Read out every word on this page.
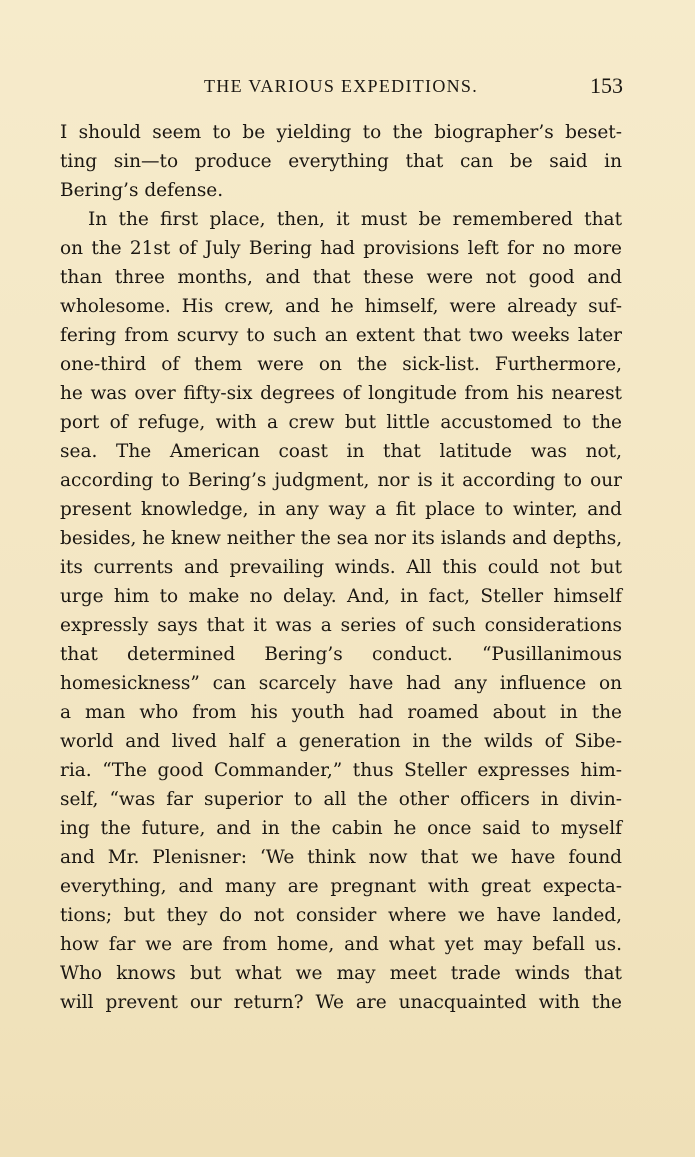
THE VARIOUS EXPEDITIONS.	153
I should seem to be yielding to the biographer’s beset-
ting sin—to produce everything that can be said in
Bering’s defense.
In the first place, then, it must be remembered that
on the 21st of July Bering had provisions left for no more
than three months, and that these were not good and
wholesome. His crew, and he himself, were already suf-
fering from scurvy to such an extent that two weeks later
one-third of them were on the sick-list. Furthermore,
he was over fifty-six degrees of longitude from his nearest
port of refuge, with a crew but little accustomed to the
sea. The American coast in that latitude was not,
according to Bering’s judgment, nor is it according to our
present knowledge, in any way a fit place to winter, and
besides, he knew neither the sea nor its islands and depths,
its currents and prevailing winds. All this could not but
urge him to make no delay. And, in fact, Steller himself
expressly says that it was a series of such considerations
that determined Bering’s conduct. “Pusillanimous
homesickness” can scarcely have had any influence on
a man who from his youth had roamed about in the
world and lived half a generation in the wilds of Sibe-
ria. “The good Commander,” thus Steller expresses him-
self, “was far superior to all the other officers in divin-
ing the future, and in the cabin he once said to myself
and Mr. Plenisner: ‘We think now that we have found
everything, and many are pregnant with great expecta-
tions; but they do not consider where we have landed,
how far we are from home, and what yet may befall us.
Who knows but what we may meet trade winds that
will prevent our return? We are unacquainted with the
